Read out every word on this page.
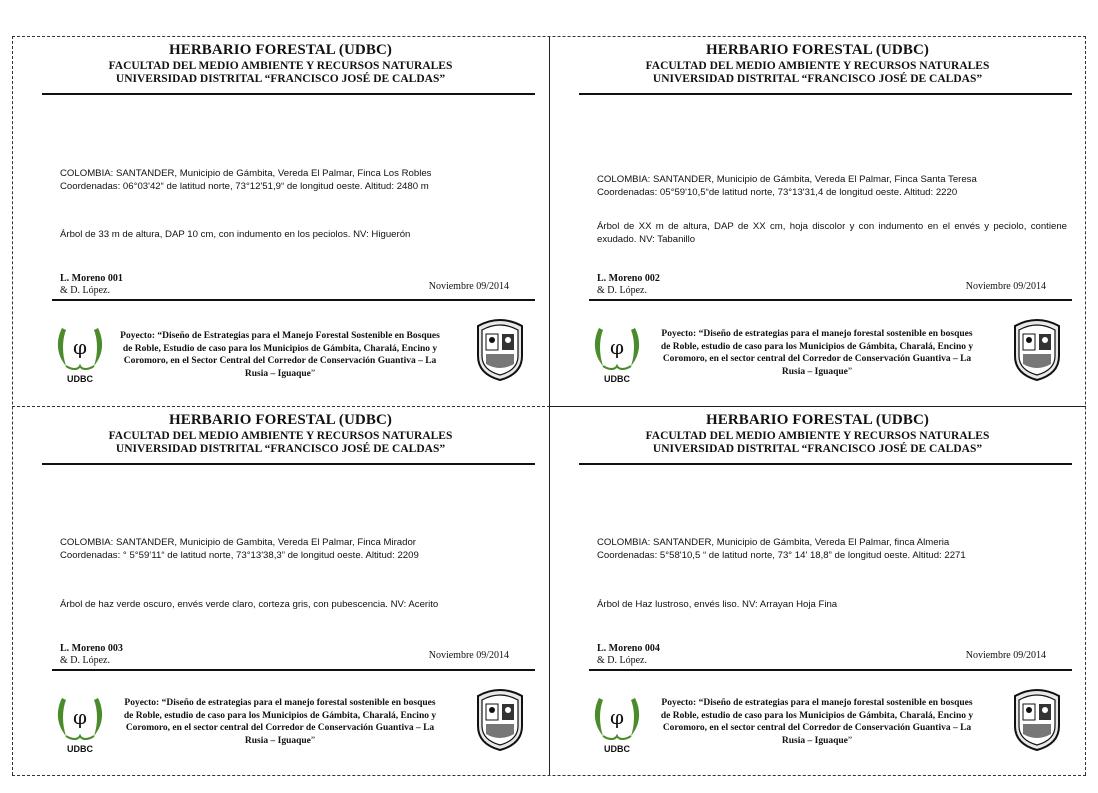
HERBARIO FORESTAL (UDBC)
FACULTAD DEL MEDIO AMBIENTE Y RECURSOS NATURALES
UNIVERSIDAD DISTRITAL “FRANCISCO JOSÉ DE CALDAS”
COLOMBIA: SANTANDER, Municipio de Gámbita, Vereda El Palmar, Finca Los Robles
Coordenadas: 06°03'42“ de latitud norte, 73°12'51,9“ de longitud oeste. Altitud: 2480 m
Árbol de 33 m de altura, DAP 10 cm, con indumento en los peciolos. NV: Higuerón
L. Moreno 001
& D. López.	Noviembre 09/2014
φ
UDBC
Poyecto: “Diseño de Estrategias para el Manejo Forestal Sostenible en Bosques de Roble, Estudio de caso para los Municipios de Gámbita, Charalá, Encino y Coromoro, en el Sector Central del Corredor de Conservación Guantiva – La Rusia – Iguaque”
HERBARIO FORESTAL (UDBC)
FACULTAD DEL MEDIO AMBIENTE Y RECURSOS NATURALES
UNIVERSIDAD DISTRITAL “FRANCISCO JOSÉ DE CALDAS”
COLOMBIA: SANTANDER, Municipio de Gámbita, Vereda El Palmar, Finca Santa Teresa
Coordenadas: 05°59'10,5“de latitud norte, 73°13'31,4 de longitud oeste. Altitud: 2220
Árbol de XX m de altura, DAP de XX cm, hoja discolor y con indumento en el envés y peciolo, contiene exudado. NV: Tabanillo
L. Moreno 002
& D. López.	Noviembre 09/2014
φ
UDBC
Poyecto: “Diseño de estrategias para el manejo forestal sostenible en bosques de Roble, estudio de caso para los Municipios de Gámbita, Charalá, Encino y Coromoro, en el sector central del Corredor de Conservación Guantiva – La Rusia – Iguaque”
HERBARIO FORESTAL (UDBC)
FACULTAD DEL MEDIO AMBIENTE Y RECURSOS NATURALES
UNIVERSIDAD DISTRITAL “FRANCISCO JOSÉ DE CALDAS”
COLOMBIA: SANTANDER, Municipio de Gambita, Vereda El Palmar, Finca Mirador
Coordenadas: ° 5°59‘11“ de latitud norte, 73°13'38,3” de longitud oeste. Altitud: 2209
Árbol de haz verde oscuro, envés verde claro, corteza gris, con pubescencia. NV: Acerito
L. Moreno 003
& D. López.	Noviembre 09/2014
φ
UDBC
Poyecto: “Diseño de estrategias para el manejo forestal sostenible en bosques de Roble, estudio de caso para los Municipios de Gámbita, Charalá, Encino y Coromoro, en el sector central del Corredor de Conservación Guantiva – La Rusia – Iguaque”
HERBARIO FORESTAL (UDBC)
FACULTAD DEL MEDIO AMBIENTE Y RECURSOS NATURALES
UNIVERSIDAD DISTRITAL “FRANCISCO JOSÉ DE CALDAS”
COLOMBIA: SANTANDER, Municipio de Gámbita, Vereda El Palmar, finca Almeria
Coordenadas: 5°58'10,5 “ de latitud norte, 73° 14' 18,8” de longitud oeste. Altitud: 2271
Árbol de Haz lustroso, envés liso. NV: Arrayan Hoja Fina
L. Moreno 004
& D. López.	Noviembre 09/2014
φ
UDBC
Poyecto: “Diseño de estrategias para el manejo forestal sostenible en bosques de Roble, estudio de caso para los Municipios de Gámbita, Charalá, Encino y Coromoro, en el sector central del Corredor de Conservación Guantiva – La Rusia – Iguaque”
